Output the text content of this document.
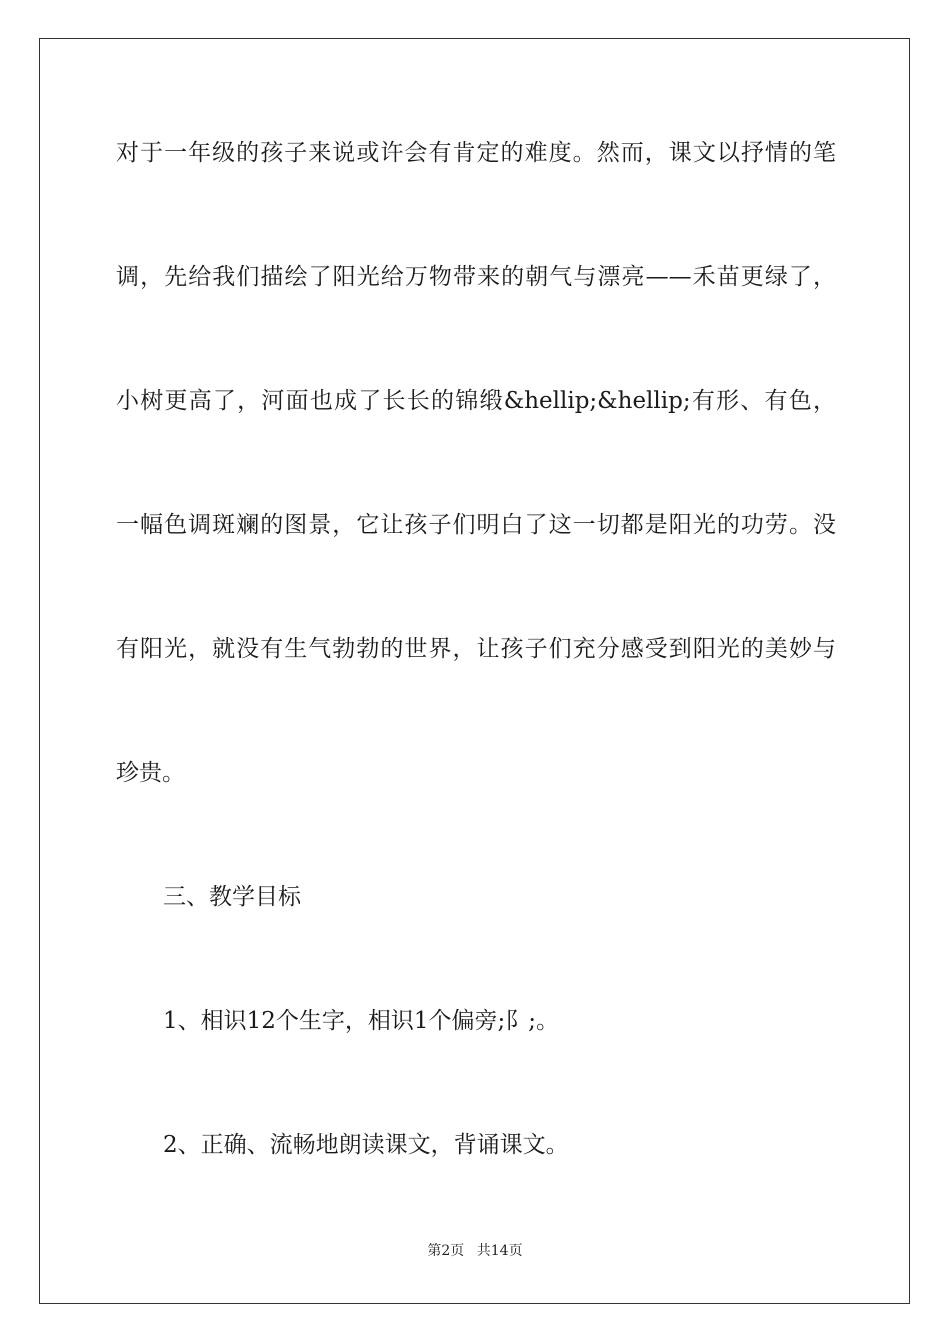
对于一年级的孩子来说或许会有肯定的难度。然而，课文以抒情的笔
调，先给我们描绘了阳光给万物带来的朝气与漂亮——禾苗更绿了，
小树更高了，河面也成了长长的锦缎&hellip;&hellip;有形、有色，
一幅色调斑斓的图景，它让孩子们明白了这一切都是阳光的功劳。没
有阳光，就没有生气勃勃的世界，让孩子们充分感受到阳光的美妙与
珍贵。
三、教学目标
1、相识12个生字，相识1个偏旁;阝;。
2、正确、流畅地朗读课文，背诵课文。
第2页 共14页
